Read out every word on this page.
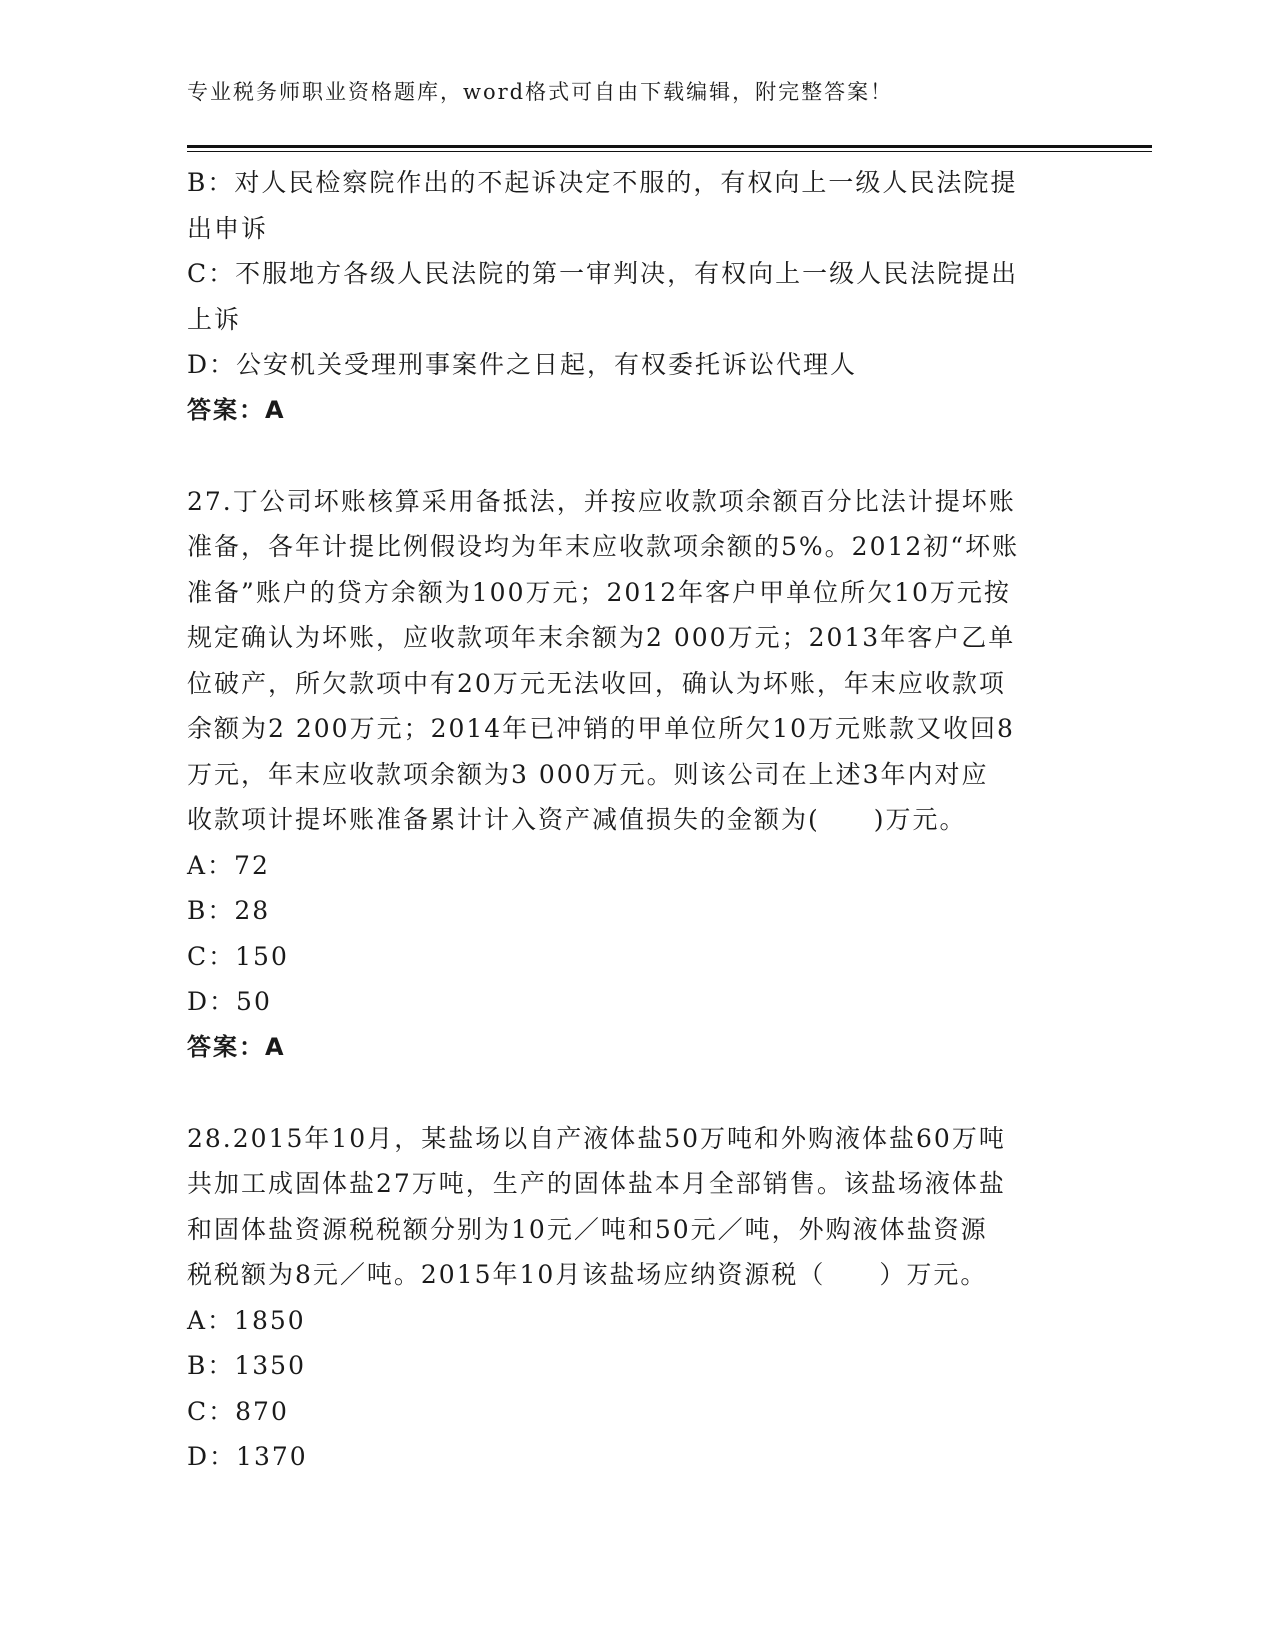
专业税务师职业资格题库，word格式可自由下载编辑，附完整答案！
B：对人民检察院作出的不起诉决定不服的，有权向上一级人民法院提
出申诉
C：不服地方各级人民法院的第一审判决，有权向上一级人民法院提出
上诉
D：公安机关受理刑事案件之日起，有权委托诉讼代理人
答案：A
27.丁公司坏账核算采用备抵法，并按应收款项余额百分比法计提坏账
准备，各年计提比例假设均为年末应收款项余额的5%。2012初“坏账
准备”账户的贷方余额为100万元；2012年客户甲单位所欠10万元按
规定确认为坏账，应收款项年末余额为2 000万元；2013年客户乙单
位破产，所欠款项中有20万元无法收回，确认为坏账，年末应收款项
余额为2 200万元；2014年已冲销的甲单位所欠10万元账款又收回8
万元，年末应收款项余额为3 000万元。则该公司在上述3年内对应
收款项计提坏账准备累计计入资产减值损失的金额为(　　)万元。
A：72
B：28
C：150
D：50
答案：A
28.2015年10月，某盐场以自产液体盐50万吨和外购液体盐60万吨
共加工成固体盐27万吨，生产的固体盐本月全部销售。该盐场液体盐
和固体盐资源税税额分别为10元／吨和50元／吨，外购液体盐资源
税税额为8元／吨。2015年10月该盐场应纳资源税（　　）万元。
A：1850
B：1350
C：870
D：1370
